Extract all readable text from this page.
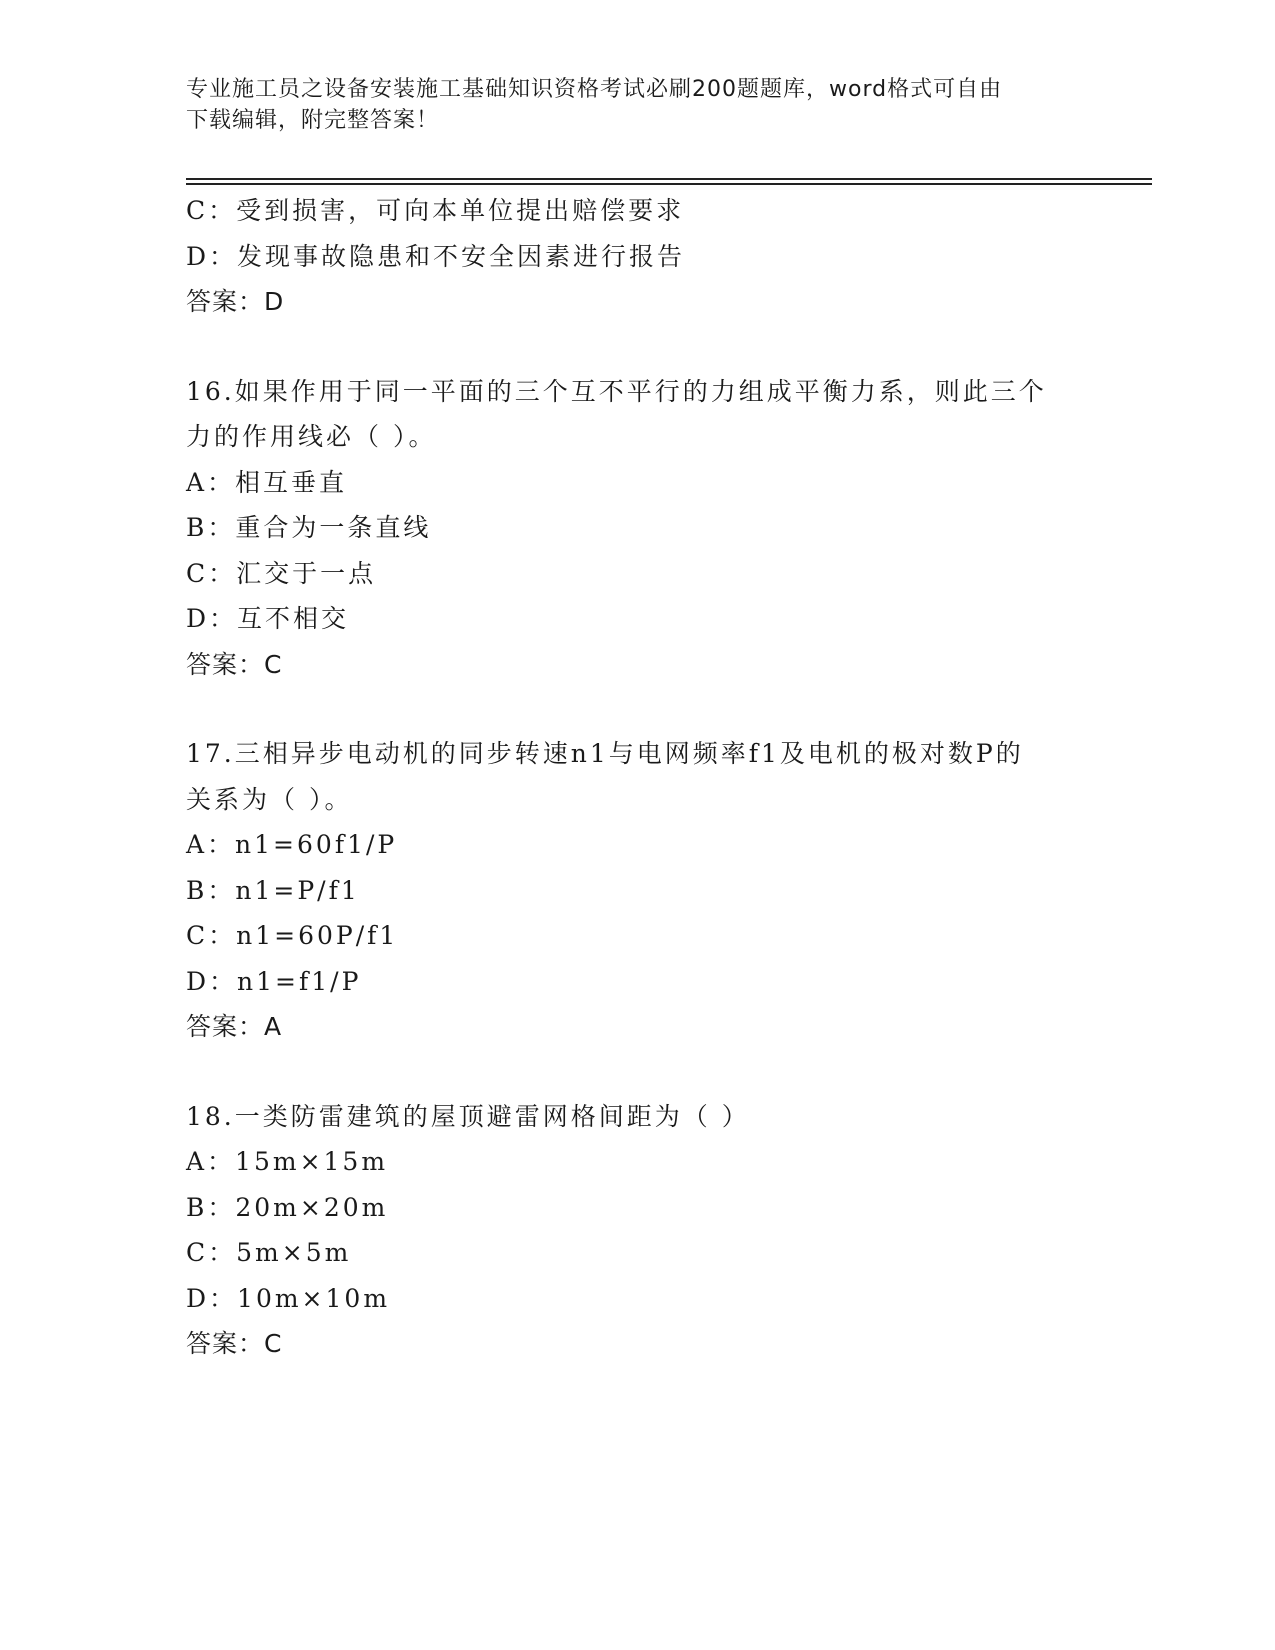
专业施工员之设备安装施工基础知识资格考试必刷200题题库，word格式可自由
下载编辑，附完整答案！
C：受到损害，可向本单位提出赔偿要求
D：发现事故隐患和不安全因素进行报告
答案：D
16.如果作用于同一平面的三个互不平行的力组成平衡力系，则此三个
力的作用线必（ ）。
A：相互垂直
B：重合为一条直线
C：汇交于一点
D：互不相交
答案：C
17.三相异步电动机的同步转速n1与电网频率f1及电机的极对数P的
关系为（ ）。
A：n1=60f1/P
B：n1=P/f1
C：n1=60P/f1
D：n1=f1/P
答案：A
18.一类防雷建筑的屋顶避雷网格间距为（ ）
A：15m×15m
B：20m×20m
C：5m×5m
D：10m×10m
答案：C
